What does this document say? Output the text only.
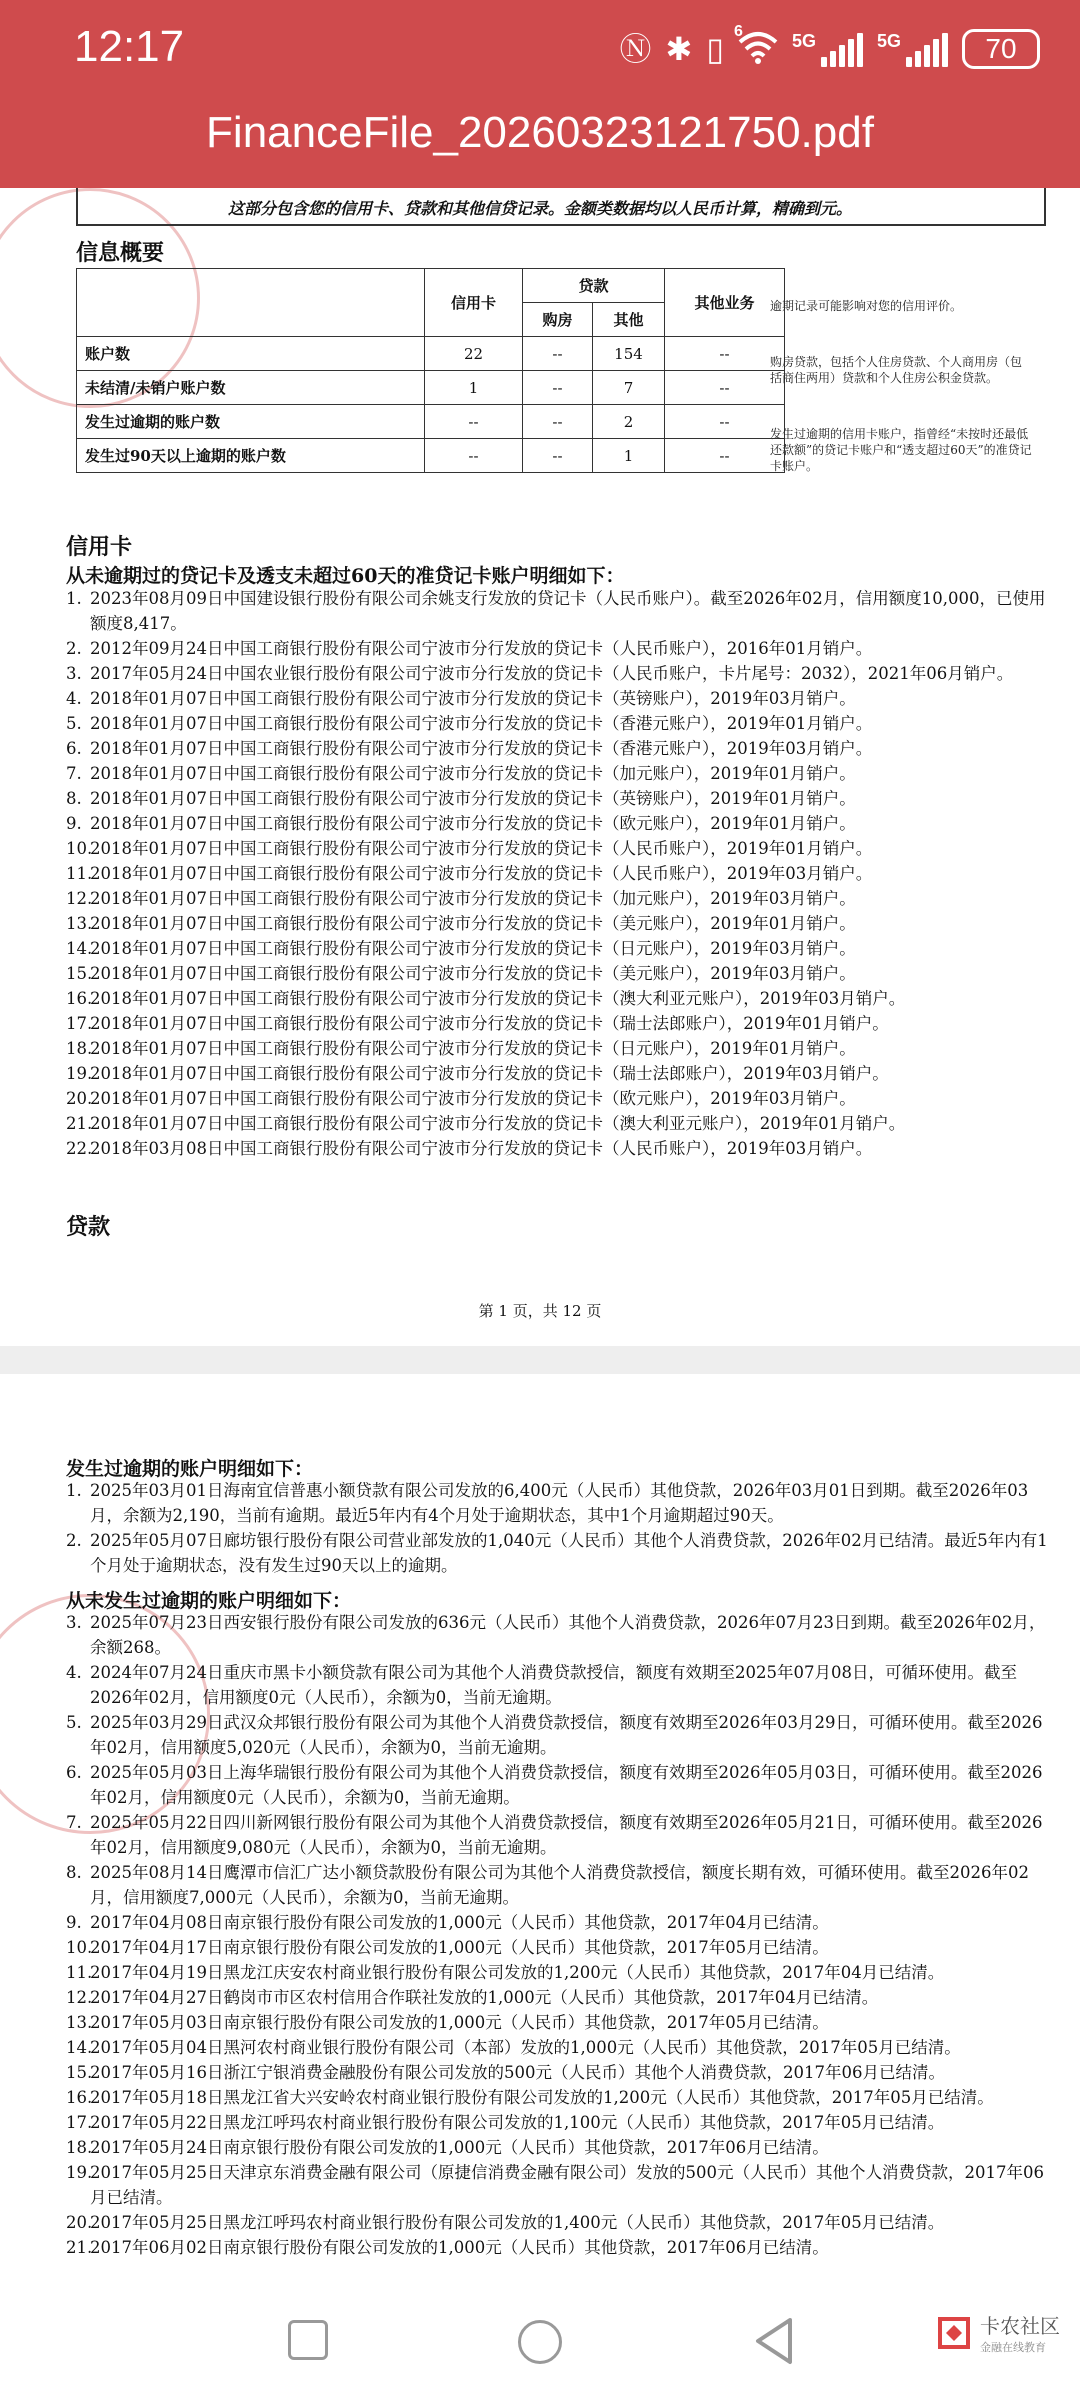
12:17	Ⓝ ✱ ▯ 6	5G	5G	70
FinanceFile_20260323121750.pdf
这部分包含您的信用卡、贷款和其他信贷记录。金额类数据均以人民币计算，精确到元。
信息概要
	信用卡	贷款		其他业务
		购房	其他	
账户数	22	--	154	--
未结清/未销户账户数	1	--	7	--
发生过逾期的账户数	--	--	2	--
发生过90天以上逾期的账户数	--	--	1	--
逾期记录可能影响对您的信用评价。
购房贷款，包括个人住房贷款、个人商用房（包括商住两用）贷款和个人住房公积金贷款。
发生过逾期的信用卡账户，指曾经“未按时还最低还款额”的贷记卡账户和“透支超过60天”的准贷记卡账户。
信用卡
从未逾期过的贷记卡及透支未超过60天的准贷记卡账户明细如下：
1. 2023年08月09日中国建设银行股份有限公司余姚支行发放的贷记卡（人民币账户）。截至2026年02月，信用额度10,000，已使用额度8,417。
2. 2012年09月24日中国工商银行股份有限公司宁波市分行发放的贷记卡（人民币账户），2016年01月销户。
3. 2017年05月24日中国农业银行股份有限公司宁波市分行发放的贷记卡（人民币账户，卡片尾号：2032），2021年06月销户。
4. 2018年01月07日中国工商银行股份有限公司宁波市分行发放的贷记卡（英镑账户），2019年03月销户。
5. 2018年01月07日中国工商银行股份有限公司宁波市分行发放的贷记卡（香港元账户），2019年01月销户。
6. 2018年01月07日中国工商银行股份有限公司宁波市分行发放的贷记卡（香港元账户），2019年03月销户。
7. 2018年01月07日中国工商银行股份有限公司宁波市分行发放的贷记卡（加元账户），2019年01月销户。
8. 2018年01月07日中国工商银行股份有限公司宁波市分行发放的贷记卡（英镑账户），2019年01月销户。
9. 2018年01月07日中国工商银行股份有限公司宁波市分行发放的贷记卡（欧元账户），2019年01月销户。
10.
2018年01月07日中国工商银行股份有限公司宁波市分行发放的贷记卡（人民币账户），2019年01月销户。
11.
2018年01月07日中国工商银行股份有限公司宁波市分行发放的贷记卡（人民币账户），2019年03月销户。
12.
2018年01月07日中国工商银行股份有限公司宁波市分行发放的贷记卡（加元账户），2019年03月销户。
13.
2018年01月07日中国工商银行股份有限公司宁波市分行发放的贷记卡（美元账户），2019年01月销户。
14.
2018年01月07日中国工商银行股份有限公司宁波市分行发放的贷记卡（日元账户），2019年03月销户。
15.
2018年01月07日中国工商银行股份有限公司宁波市分行发放的贷记卡（美元账户），2019年03月销户。
16.
2018年01月07日中国工商银行股份有限公司宁波市分行发放的贷记卡（澳大利亚元账户），2019年03月销户。
17.
2018年01月07日中国工商银行股份有限公司宁波市分行发放的贷记卡（瑞士法郎账户），2019年01月销户。
18.
2018年01月07日中国工商银行股份有限公司宁波市分行发放的贷记卡（日元账户），2019年01月销户。
19.
2018年01月07日中国工商银行股份有限公司宁波市分行发放的贷记卡（瑞士法郎账户），2019年03月销户。
20.
2018年01月07日中国工商银行股份有限公司宁波市分行发放的贷记卡（欧元账户），2019年03月销户。
21.
2018年01月07日中国工商银行股份有限公司宁波市分行发放的贷记卡（澳大利亚元账户），2019年01月销户。
22.
2018年03月08日中国工商银行股份有限公司宁波市分行发放的贷记卡（人民币账户），2019年03月销户。
贷款
第 1 页，共 12 页
发生过逾期的账户明细如下：
1. 2025年03月01日海南宜信普惠小额贷款有限公司发放的6,400元（人民币）其他贷款，2026年03月01日到期。截至2026年03月，余额为2,190，当前有逾期。最近5年内有4个月处于逾期状态，其中1个月逾期超过90天。
2. 2025年05月07日廊坊银行股份有限公司营业部发放的1,040元（人民币）其他个人消费贷款，2026年02月已结清。最近5年内有1个月处于逾期状态，没有发生过90天以上的逾期。
从未发生过逾期的账户明细如下：
3. 2025年07月23日西安银行股份有限公司发放的636元（人民币）其他个人消费贷款，2026年07月23日到期。截至2026年02月，余额268。
4. 2024年07月24日重庆市黑卡小额贷款有限公司为其他个人消费贷款授信，额度有效期至2025年07月08日，可循环使用。截至2026年02月，信用额度0元（人民币），余额为0，当前无逾期。
5. 2025年03月29日武汉众邦银行股份有限公司为其他个人消费贷款授信，额度有效期至2026年03月29日，可循环使用。截至2026年02月，信用额度5,020元（人民币），余额为0，当前无逾期。
6. 2025年05月03日上海华瑞银行股份有限公司为其他个人消费贷款授信，额度有效期至2026年05月03日，可循环使用。截至2026年02月，信用额度0元（人民币），余额为0，当前无逾期。
7. 2025年05月22日四川新网银行股份有限公司为其他个人消费贷款授信，额度有效期至2026年05月21日，可循环使用。截至2026年02月，信用额度9,080元（人民币），余额为0，当前无逾期。
8. 2025年08月14日鹰潭市信汇广达小额贷款股份有限公司为其他个人消费贷款授信，额度长期有效，可循环使用。截至2026年02月，信用额度7,000元（人民币），余额为0，当前无逾期。
9. 2017年04月08日南京银行股份有限公司发放的1,000元（人民币）其他贷款，2017年04月已结清。
10.
2017年04月17日南京银行股份有限公司发放的1,000元（人民币）其他贷款，2017年05月已结清。
11.
2017年04月19日黑龙江庆安农村商业银行股份有限公司发放的1,200元（人民币）其他贷款，2017年04月已结清。
12.
2017年04月27日鹤岗市市区农村信用合作联社发放的1,000元（人民币）其他贷款，2017年04月已结清。
13.
2017年05月03日南京银行股份有限公司发放的1,000元（人民币）其他贷款，2017年05月已结清。
14.
2017年05月04日黑河农村商业银行股份有限公司（本部）发放的1,000元（人民币）其他贷款，2017年05月已结清。
15.
2017年05月16日浙江宁银消费金融股份有限公司发放的500元（人民币）其他个人消费贷款，2017年06月已结清。
16.
2017年05月18日黑龙江省大兴安岭农村商业银行股份有限公司发放的1,200元（人民币）其他贷款，2017年05月已结清。
17.
2017年05月22日黑龙江呼玛农村商业银行股份有限公司发放的1,100元（人民币）其他贷款，2017年05月已结清。
18.
2017年05月24日南京银行股份有限公司发放的1,000元（人民币）其他贷款，2017年06月已结清。
19.
2017年05月25日天津京东消费金融有限公司（原捷信消费金融有限公司）发放的500元（人民币）其他个人消费贷款，2017年06月已结清。
20.
2017年05月25日黑龙江呼玛农村商业银行股份有限公司发放的1,400元（人民币）其他贷款，2017年05月已结清。
21.
2017年06月02日南京银行股份有限公司发放的1,000元（人民币）其他贷款，2017年06月已结清。
卡农社区
金融在线教育
